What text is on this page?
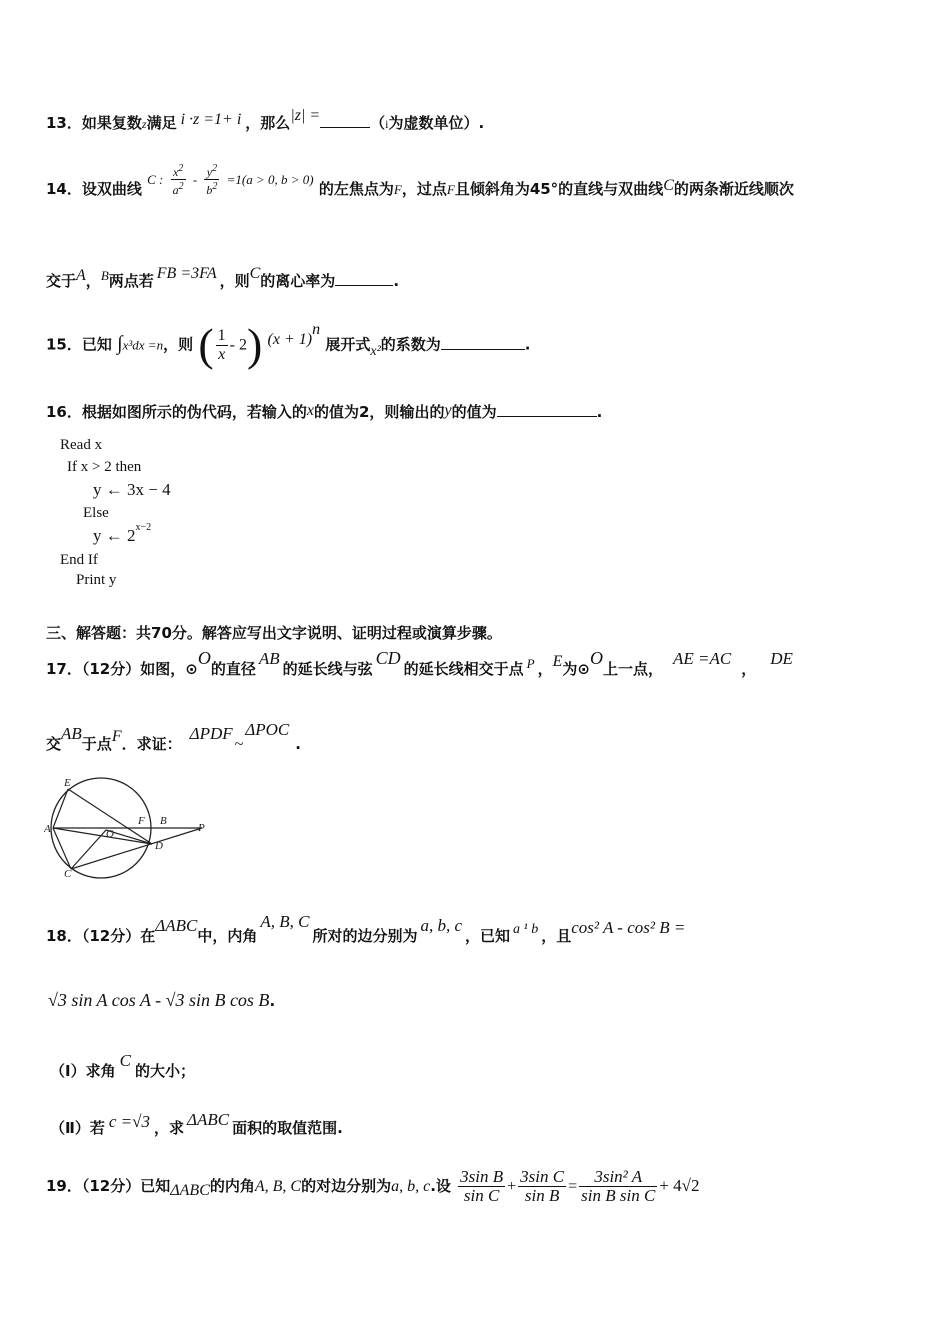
13．如果复数z满足 i ·z =1+ i ，那么|z| =	（i为虚数单位）.
14．设双曲线 C : $\frac{x^2}{a^2} - \frac{y^2}{b^2} =1(a > 0$, b > 0) 的左焦点为F，过点F且倾斜角为45°的直线与双曲线C的两条渐近线顺次
交于A，B两点若 FB =3FA ，则C的离心率为	.
15．已知 ∫x³dx =n，则 ( $\frac{1}{x} - 2$) $(x + 1)^n$ 展开式x²的系数为	.
16．根据如图所示的伪代码，若输入的x的值为2，则输出的y的值为	.
Read x
If x > 2 then
y ← 3x − 4
Else
y ← $2^{x-2}$
End If
Print y
三、解答题：共70分。解答应写出文字说明、证明过程或演算步骤。
17．（12分）如图，⊙O的直径AB的延长线与弦CD的延长线相交于点 P ，E为⊙O上一点，AE =AC，DE
交AB于点F．求证：ΔPDF~ΔPOC.
E
A	O
F B
P
D
C
18．（12分）在ΔABC中，内角A, B, C所对的边分别为a, b, c，已知 a ¹ b ，且cos² A - cos² B =
√3 sin A cos A - √3 sin B cos B.
（Ⅰ）求角C的大小；
（Ⅱ）若 c =√3 ，求 ΔABC 面积的取值范围.
19．（12分）已知ΔABC的内角A, B, C的对边分别为a, b, c.设 $\frac{\text{3sin B}}{\text{sin C}} + \frac{\text{3sin C}}{\text{sin B}} = \frac{\text{3sin² A}}{\text{sin B sin C}} + 4√2$
